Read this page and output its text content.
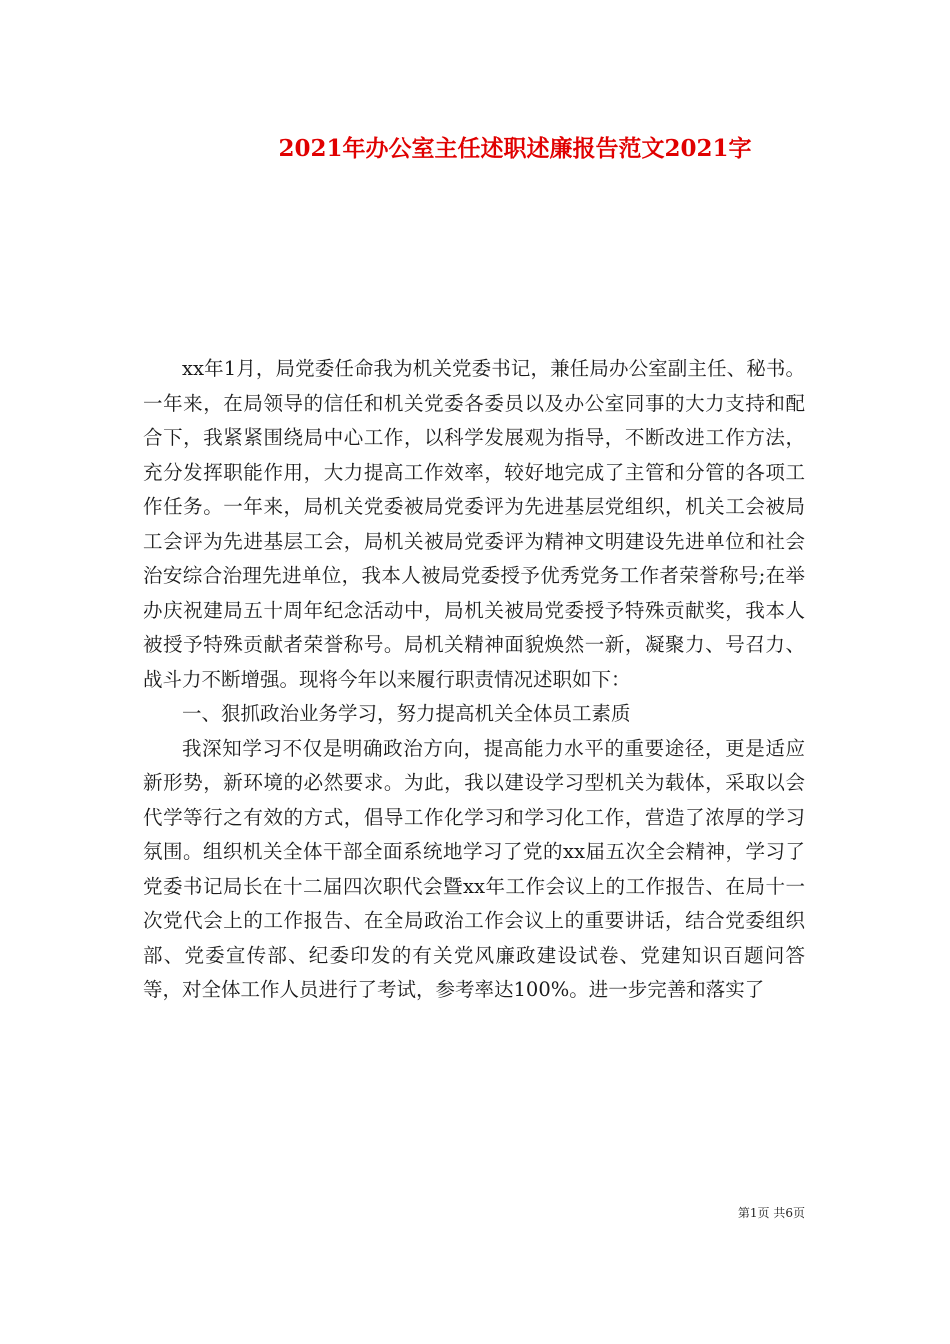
2021年办公室主任述职述廉报告范文2021字

xx年1月，局党委任命我为机关党委书记，兼任局办公室副主任、秘书。一年来，在局领导的信任和机关党委各委员以及办公室同事的大力支持和配合下，我紧紧围绕局中心工作，以科学发展观为指导，不断改进工作方法，充分发挥职能作用，大力提高工作效率，较好地完成了主管和分管的各项工作任务。一年来，局机关党委被局党委评为先进基层党组织，机关工会被局工会评为先进基层工会，局机关被局党委评为精神文明建设先进单位和社会治安综合治理先进单位，我本人被局党委授予优秀党务工作者荣誉称号;在举办庆祝建局五十周年纪念活动中，局机关被局党委授予特殊贡献奖，我本人被授予特殊贡献者荣誉称号。局机关精神面貌焕然一新，凝聚力、号召力、战斗力不断增强。现将今年以来履行职责情况述职如下：

一、狠抓政治业务学习，努力提高机关全体员工素质

我深知学习不仅是明确政治方向，提高能力水平的重要途径，更是适应新形势，新环境的必然要求。为此，我以建设学习型机关为载体，采取以会代学等行之有效的方式，倡导工作化学习和学习化工作，营造了浓厚的学习氛围。组织机关全体干部全面系统地学习了党的xx届五次全会精神，学习了党委书记局长在十二届四次职代会暨xx年工作会议上的工作报告、在局十一次党代会上的工作报告、在全局政治工作会议上的重要讲话，结合党委组织部、党委宣传部、纪委印发的有关党风廉政建设试卷、党建知识百题问答等，对全体工作人员进行了考试，参考率达100%。进一步完善和落实了

第1页 共6页
